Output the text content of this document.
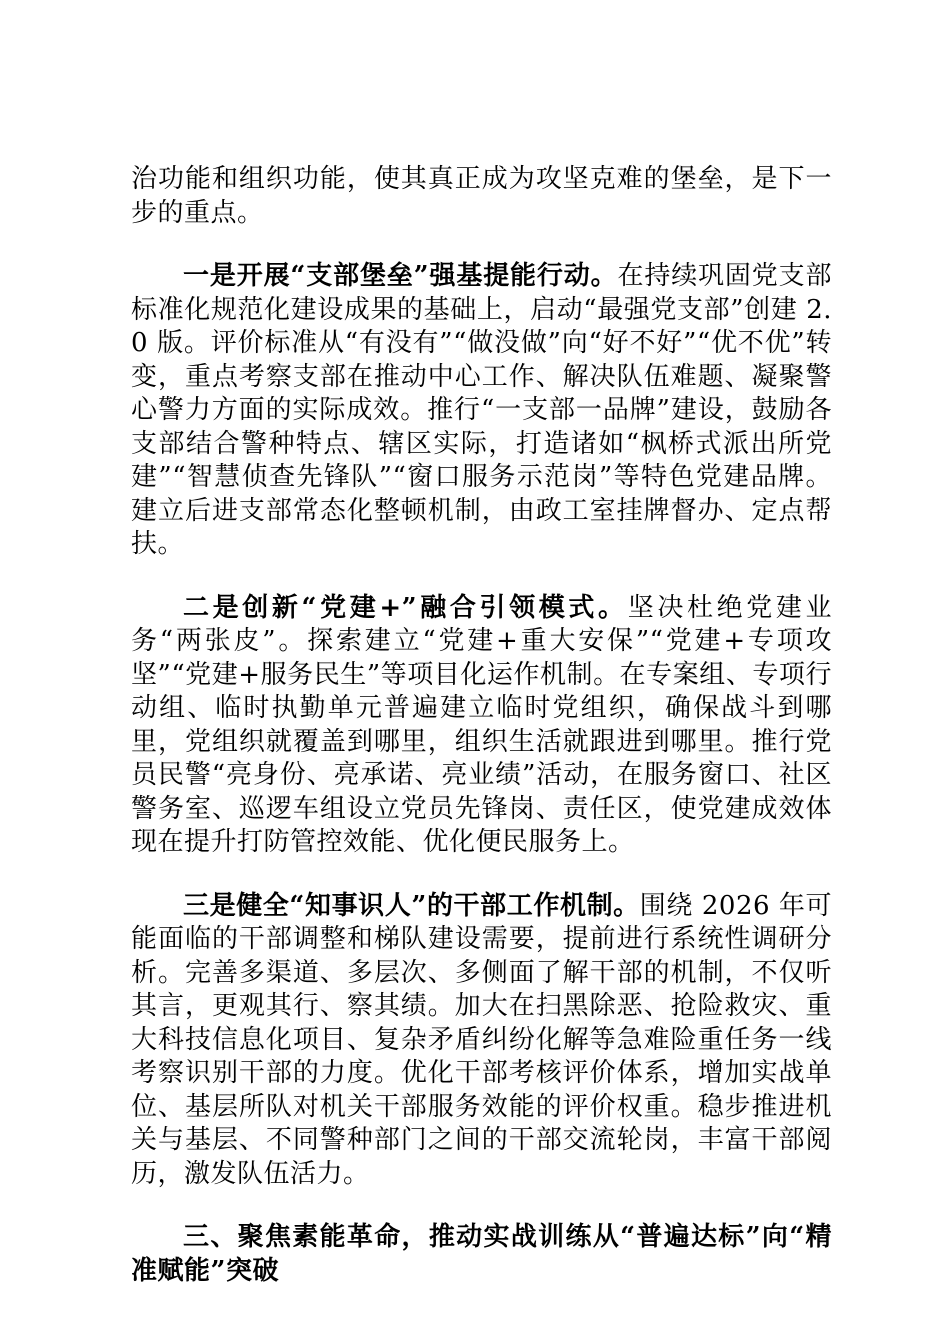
治功能和组织功能，使其真正成为攻坚克难的堡垒，是下一步的重点。

一是开展“支部堡垒”强基提能行动。在持续巩固党支部标准化规范化建设成果的基础上，启动“最强党支部”创建 2.0 版。评价标准从“有没有”“做没做”向“好不好”“优不优”转变，重点考察支部在推动中心工作、解决队伍难题、凝聚警心警力方面的实际成效。推行“一支部一品牌”建设，鼓励各支部结合警种特点、辖区实际，打造诸如“枫桥式派出所党建”“智慧侦查先锋队”“窗口服务示范岗”等特色党建品牌。建立后进支部常态化整顿机制，由政工室挂牌督办、定点帮扶。

二是创新“党建+”融合引领模式。坚决杜绝党建业务“两张皮”。探索建立“党建+重大安保”“党建+专项攻坚”“党建+服务民生”等项目化运作机制。在专案组、专项行动组、临时执勤单元普遍建立临时党组织，确保战斗到哪里，党组织就覆盖到哪里，组织生活就跟进到哪里。推行党员民警“亮身份、亮承诺、亮业绩”活动，在服务窗口、社区警务室、巡逻车组设立党员先锋岗、责任区，使党建成效体现在提升打防管控效能、优化便民服务上。

三是健全“知事识人”的干部工作机制。围绕 2026 年可能面临的干部调整和梯队建设需要，提前进行系统性调研分析。完善多渠道、多层次、多侧面了解干部的机制，不仅听其言，更观其行、察其绩。加大在扫黑除恶、抢险救灾、重大科技信息化项目、复杂矛盾纠纷化解等急难险重任务一线考察识别干部的力度。优化干部考核评价体系，增加实战单位、基层所队对机关干部服务效能的评价权重。稳步推进机关与基层、不同警种部门之间的干部交流轮岗，丰富干部阅历，激发队伍活力。

三、聚焦素能革命，推动实战训练从“普遍达标”向“精准赋能”突破
